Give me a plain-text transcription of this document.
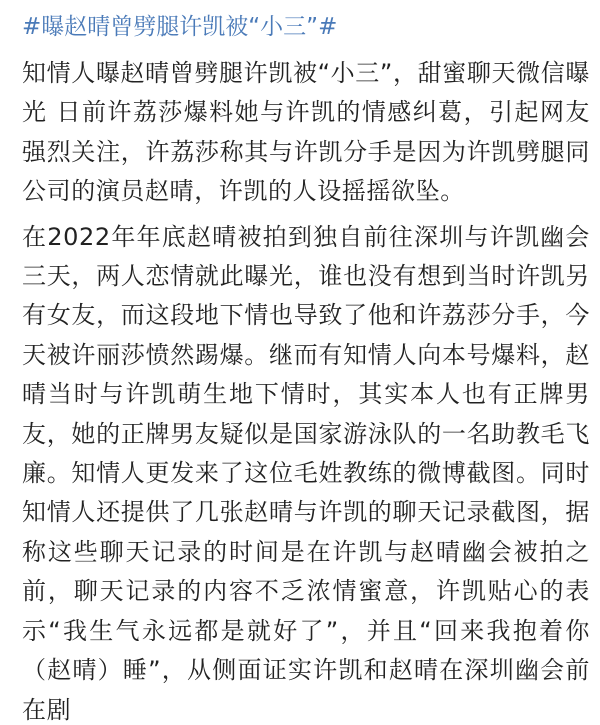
#曝赵晴曾劈腿许凯被“小三”#

知情人曝赵晴曾劈腿许凯被“小三”，甜蜜聊天微信曝光 日前许荔莎爆料她与许凯的情感纠葛，引起网友强烈关注，许荔莎称其与许凯分手是因为许凯劈腿同公司的演员赵晴，许凯的人设摇摇欲坠。

在2022年年底赵晴被拍到独自前往深圳与许凯幽会三天，两人恋情就此曝光，谁也没有想到当时许凯另有女友，而这段地下情也导致了他和许荔莎分手，今天被许丽莎愤然踢爆。继而有知情人向本号爆料，赵晴当时与许凯萌生地下情时，其实本人也有正牌男友，她的正牌男友疑似是国家游泳队的一名助教毛飞廉。知情人更发来了这位毛姓教练的微博截图。同时知情人还提供了几张赵晴与许凯的聊天记录截图，据称这些聊天记录的时间是在许凯与赵晴幽会被拍之前，聊天记录的内容不乏浓情蜜意，许凯贴心的表示“我生气永远都是就好了”，并且“回来我抱着你（赵晴）睡”，从侧面证实许凯和赵晴在深圳幽会前在剧
